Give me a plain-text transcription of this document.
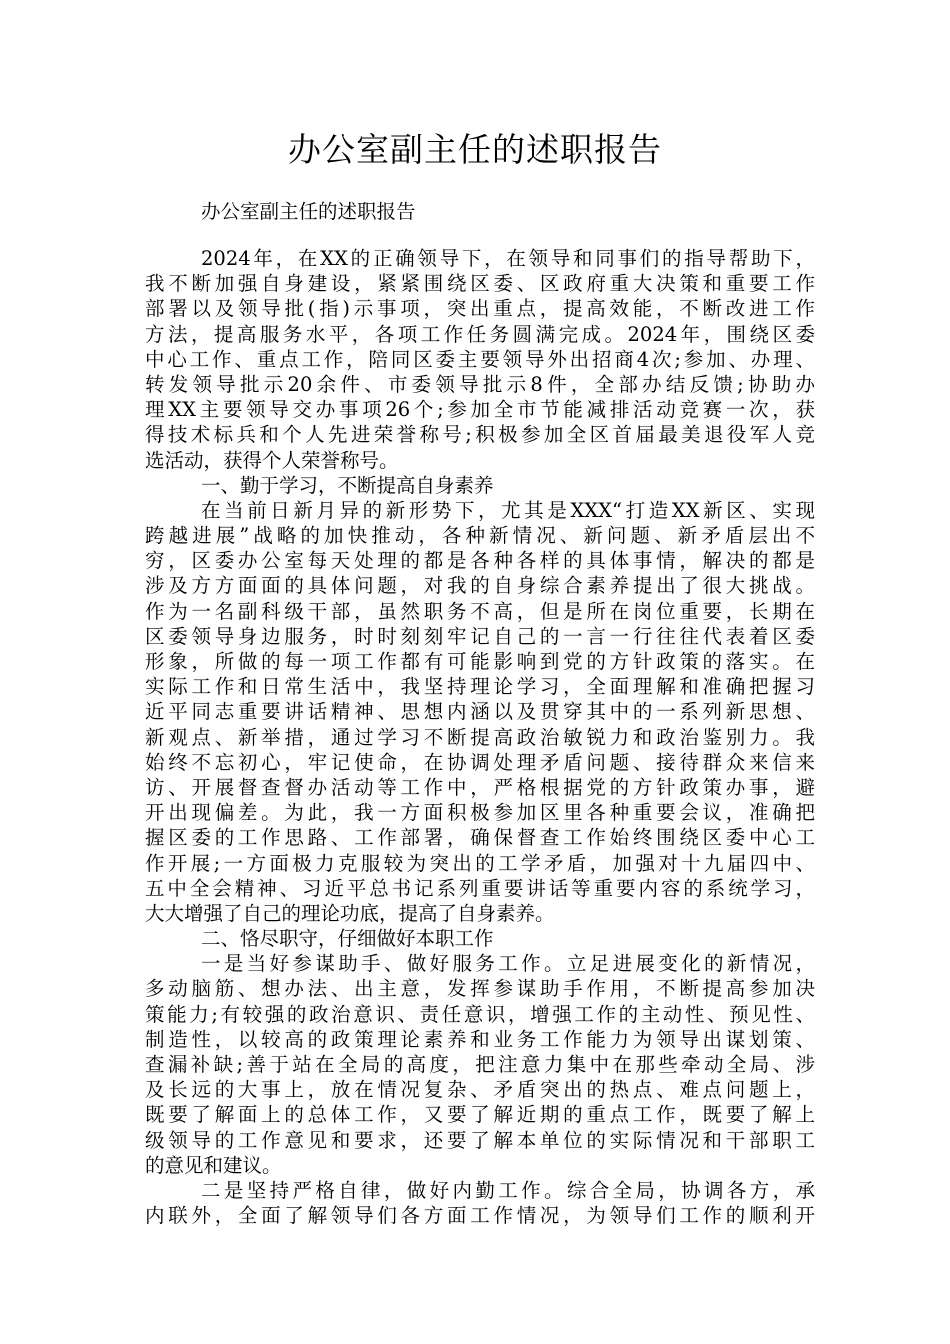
办公室副主任的述职报告

办公室副主任的述职报告

2024年，在XX的正确领导下，在领导和同事们的指导帮助下，
我不断加强自身建设，紧紧围绕区委、区政府重大决策和重要工作
部署以及领导批(指)示事项，突出重点，提高效能，不断改进工作
方法，提高服务水平，各项工作任务圆满完成。2024年，围绕区委
中心工作、重点工作，陪同区委主要领导外出招商4次;参加、办理、
转发领导批示20余件、市委领导批示8件，全部办结反馈;协助办
理XX主要领导交办事项26个;参加全市节能减排活动竞赛一次，获
得技术标兵和个人先进荣誉称号;积极参加全区首届最美退役军人竞
选活动，获得个人荣誉称号。
一、勤于学习，不断提高自身素养
在当前日新月异的新形势下，尤其是XXX“打造XX新区、实现
跨越进展”战略的加快推动，各种新情况、新问题、新矛盾层出不
穷，区委办公室每天处理的都是各种各样的具体事情，解决的都是
涉及方方面面的具体问题，对我的自身综合素养提出了很大挑战。
作为一名副科级干部，虽然职务不高，但是所在岗位重要，长期在
区委领导身边服务，时时刻刻牢记自己的一言一行往往代表着区委
形象，所做的每一项工作都有可能影响到党的方针政策的落实。在
实际工作和日常生活中，我坚持理论学习，全面理解和准确把握习
近平同志重要讲话精神、思想内涵以及贯穿其中的一系列新思想、
新观点、新举措，通过学习不断提高政治敏锐力和政治鉴别力。我
始终不忘初心，牢记使命，在协调处理矛盾问题、接待群众来信来
访、开展督查督办活动等工作中，严格根据党的方针政策办事，避
开出现偏差。为此，我一方面积极参加区里各种重要会议，准确把
握区委的工作思路、工作部署，确保督查工作始终围绕区委中心工
作开展;一方面极力克服较为突出的工学矛盾，加强对十九届四中、
五中全会精神、习近平总书记系列重要讲话等重要内容的系统学习，
大大增强了自己的理论功底，提高了自身素养。
二、恪尽职守，仔细做好本职工作
一是当好参谋助手、做好服务工作。立足进展变化的新情况，
多动脑筋、想办法、出主意，发挥参谋助手作用，不断提高参加决
策能力;有较强的政治意识、责任意识，增强工作的主动性、预见性、
制造性，以较高的政策理论素养和业务工作能力为领导出谋划策、
查漏补缺;善于站在全局的高度，把注意力集中在那些牵动全局、涉
及长远的大事上，放在情况复杂、矛盾突出的热点、难点问题上，
既要了解面上的总体工作，又要了解近期的重点工作，既要了解上
级领导的工作意见和要求，还要了解本单位的实际情况和干部职工
的意见和建议。
二是坚持严格自律，做好内勤工作。综合全局，协调各方，承
内联外，全面了解领导们各方面工作情况，为领导们工作的顺利开
